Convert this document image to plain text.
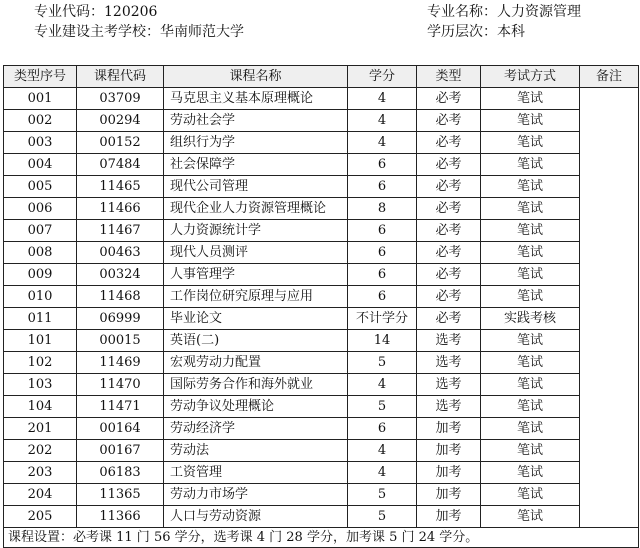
专业代码：120206	专业名称：人力资源管理
专业建设主考学校：华南师范大学	学历层次：本科
类型序号	课程代码	课程名称	学分	类型	考试方式	备注
001	03709	马克思主义基本原理概论	4	必考	笔试	
002	00294	劳动社会学	4	必考	笔试	
003	00152	组织行为学	4	必考	笔试	
004	07484	社会保障学	6	必考	笔试	
005	11465	现代公司管理	6	必考	笔试	
006	11466	现代企业人力资源管理概论	8	必考	笔试	
007	11467	人力资源统计学	6	必考	笔试	
008	00463	现代人员测评	6	必考	笔试	
009	00324	人事管理学	6	必考	笔试	
010	11468	工作岗位研究原理与应用	6	必考	笔试	
011	06999	毕业论文	不计学分	必考	实践考核	
101	00015	英语(二)	14	选考	笔试	
102	11469	宏观劳动力配置	5	选考	笔试	
103	11470	国际劳务合作和海外就业	4	选考	笔试	
104	11471	劳动争议处理概论	5	选考	笔试	
201	00164	劳动经济学	6	加考	笔试	
202	00167	劳动法	4	加考	笔试	
203	06183	工资管理	4	加考	笔试	
204	11365	劳动力市场学	5	加考	笔试	
205	11366	人口与劳动资源	5	加考	笔试	
课程设置：必考课 11 门 56 学分，选考课 4 门 28 学分，加考课 5 门 24 学分。						
